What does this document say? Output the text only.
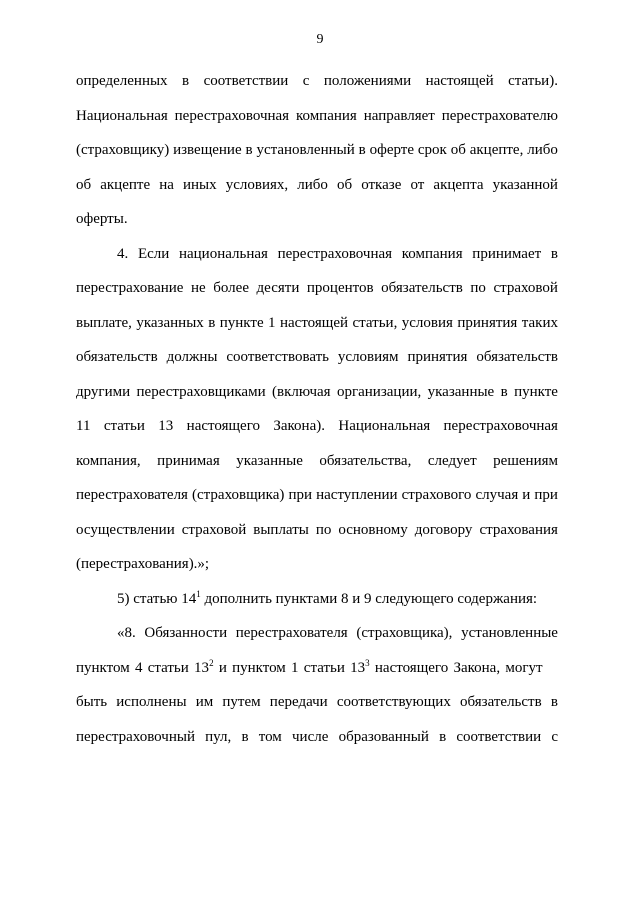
9
определенных в соответствии с положениями настоящей статьи).
Национальная перестраховочная компания направляет перестрахователю
(страховщику) извещение в установленный в оферте срок об акцепте, либо
об акцепте на иных условиях, либо об отказе от акцепта указанной
оферты.
4. Если национальная перестраховочная компания принимает в
перестрахование не более десяти процентов обязательств по страховой
выплате, указанных в пункте 1 настоящей статьи, условия принятия таких
обязательств должны соответствовать условиям принятия обязательств
другими перестраховщиками (включая организации, указанные в пункте
11 статьи 13 настоящего Закона). Национальная перестраховочная
компания, принимая указанные обязательства, следует решениям
перестрахователя (страховщика) при наступлении страхового случая и при
осуществлении страховой выплаты по основному договору страхования
(перестрахования).»;
5) статью $14^1$ дополнить пунктами 8 и 9 следующего содержания:
«8. Обязанности перестрахователя (страховщика), установленные
пунктом 4 статьи $13^2$ и пунктом 1 статьи $13^3$ настоящего Закона, могут
быть исполнены им путем передачи соответствующих обязательств в
перестраховочный пул, в том числе образованный в соответствии с
